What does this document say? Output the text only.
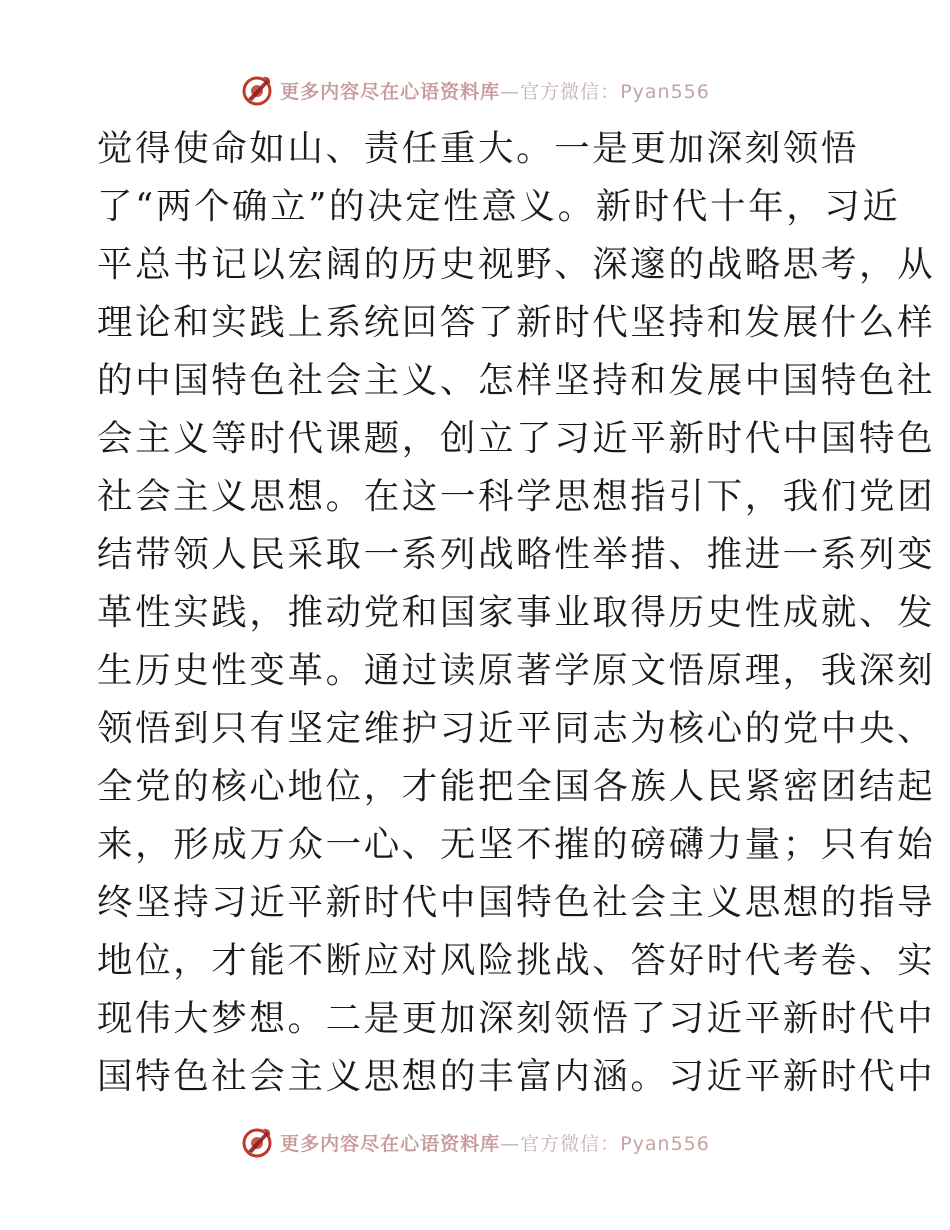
更多内容尽在心语资料库—官方微信：Pyan556
觉得使命如山、责任重大。一是更加深刻领悟
了“两个确立”的决定性意义。新时代十年，习近
平总书记以宏阔的历史视野、深邃的战略思考，从
理论和实践上系统回答了新时代坚持和发展什么样
的中国特色社会主义、怎样坚持和发展中国特色社
会主义等时代课题，创立了习近平新时代中国特色
社会主义思想。在这一科学思想指引下，我们党团
结带领人民采取一系列战略性举措、推进一系列变
革性实践，推动党和国家事业取得历史性成就、发
生历史性变革。通过读原著学原文悟原理，我深刻
领悟到只有坚定维护习近平同志为核心的党中央、
全党的核心地位，才能把全国各族人民紧密团结起
来，形成万众一心、无坚不摧的磅礴力量；只有始
终坚持习近平新时代中国特色社会主义思想的指导
地位，才能不断应对风险挑战、答好时代考卷、实
现伟大梦想。二是更加深刻领悟了习近平新时代中
国特色社会主义思想的丰富内涵。习近平新时代中
更多内容尽在心语资料库—官方微信：Pyan556
